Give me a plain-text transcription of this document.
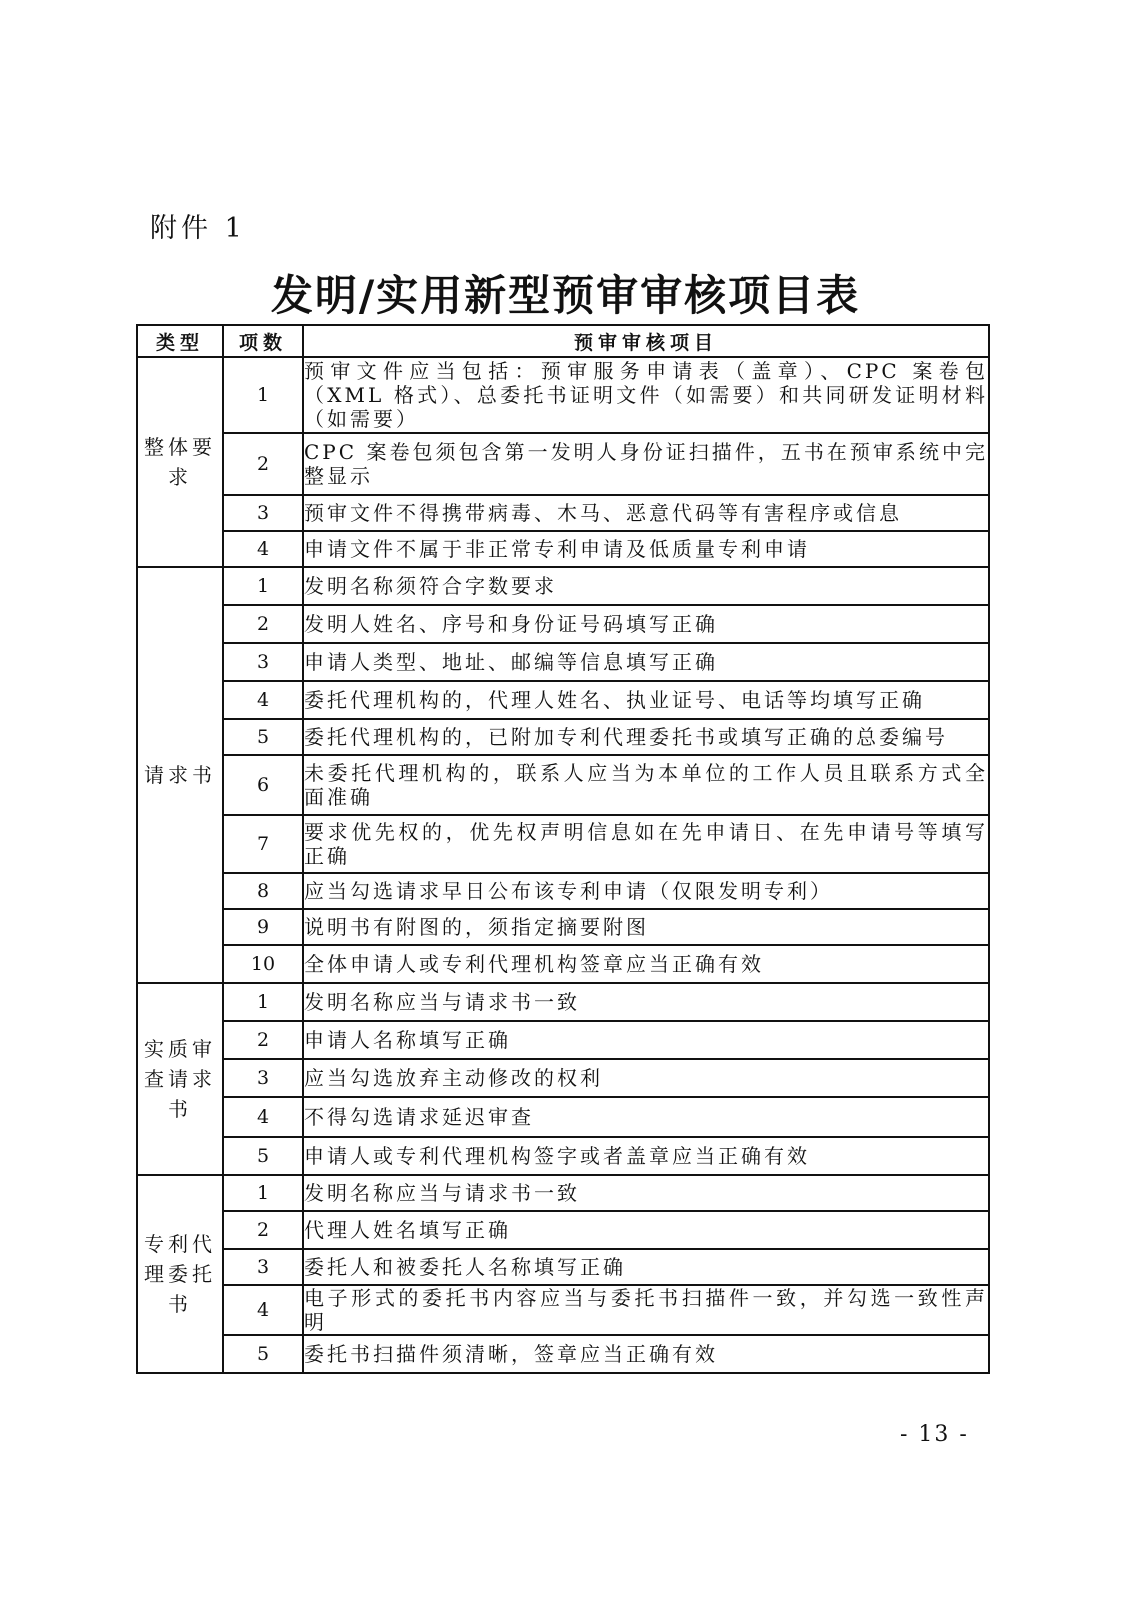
附件 1
发明/实用新型预审审核项目表
类型	项数	预审审核项目
整体要求	1	预审文件应当包括：预审服务申请表（盖章）、CPC 案卷包（XML 格式）、总委托书证明文件（如需要）和共同研发证明材料（如需要）
	2	CPC 案卷包须包含第一发明人身份证扫描件，五书在预审系统中完整显示
	3	预审文件不得携带病毒、木马、恶意代码等有害程序或信息
	4	申请文件不属于非正常专利申请及低质量专利申请
请求书	1	发明名称须符合字数要求
	2	发明人姓名、序号和身份证号码填写正确
	3	申请人类型、地址、邮编等信息填写正确
	4	委托代理机构的，代理人姓名、执业证号、电话等均填写正确
	5	委托代理机构的，已附加专利代理委托书或填写正确的总委编号
	6	未委托代理机构的，联系人应当为本单位的工作人员且联系方式全面准确
	7	要求优先权的，优先权声明信息如在先申请日、在先申请号等填写正确
	8	应当勾选请求早日公布该专利申请（仅限发明专利）
	9	说明书有附图的，须指定摘要附图
	10	全体申请人或专利代理机构签章应当正确有效
实质审查请求书	1	发明名称应当与请求书一致
	2	申请人名称填写正确
	3	应当勾选放弃主动修改的权利
	4	不得勾选请求延迟审查
	5	申请人或专利代理机构签字或者盖章应当正确有效
专利代理委托书	1	发明名称应当与请求书一致
	2	代理人姓名填写正确
	3	委托人和被委托人名称填写正确
	4	电子形式的委托书内容应当与委托书扫描件一致，并勾选一致性声明
	5	委托书扫描件须清晰，签章应当正确有效
- 13 -
